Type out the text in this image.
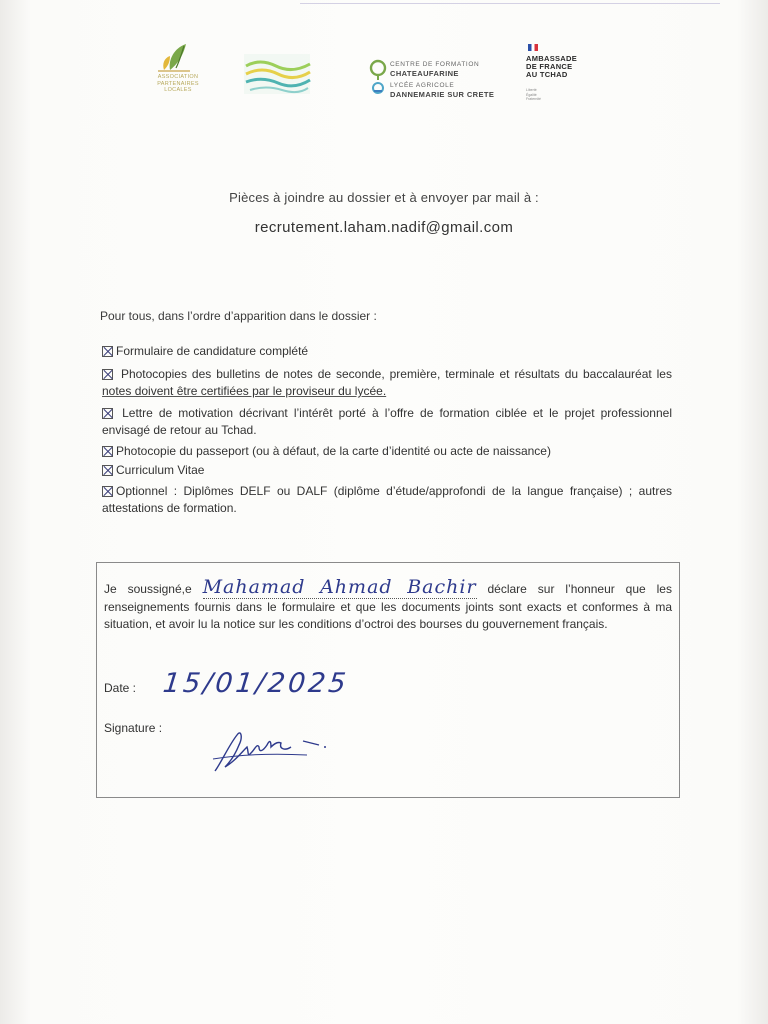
ASSOCIATION
PARTENAIRES
LOCALES
CENTRE DE FORMATION
CHATEAUFARINE
LYCÉE AGRICOLE
DANNEMARIE SUR CRETE
AMBASSADE
DE FRANCE
AU TCHAD
Liberté
Égalité
Fraternité
Pièces à joindre au dossier et à envoyer par mail à :
recrutement.laham.nadif@gmail.com
Pour tous, dans l’ordre d’apparition dans le dossier :
Formulaire de candidature complété
Photocopies des bulletins de notes de seconde, première, terminale et résultats du baccalauréat les notes doivent être certifiées par le proviseur du lycée.
Lettre de motivation décrivant l’intérêt porté à l’offre de formation ciblée et le projet professionnel envisagé de retour au Tchad.
Photocopie du passeport (ou à défaut, de la carte d’identité ou acte de naissance)
Curriculum Vitae
Optionnel : Diplômes DELF ou DALF (diplôme d’étude/approfondi de la langue française) ; autres attestations de formation.
Je soussigné,e Mahamad Ahmad Bachir déclare sur l’honneur que les renseignements fournis dans le formulaire et que les documents joints sont exacts et conformes à ma situation, et avoir lu la notice sur les conditions d’octroi des bourses du gouvernement français.
Date : 15/01/2025
Signature :
